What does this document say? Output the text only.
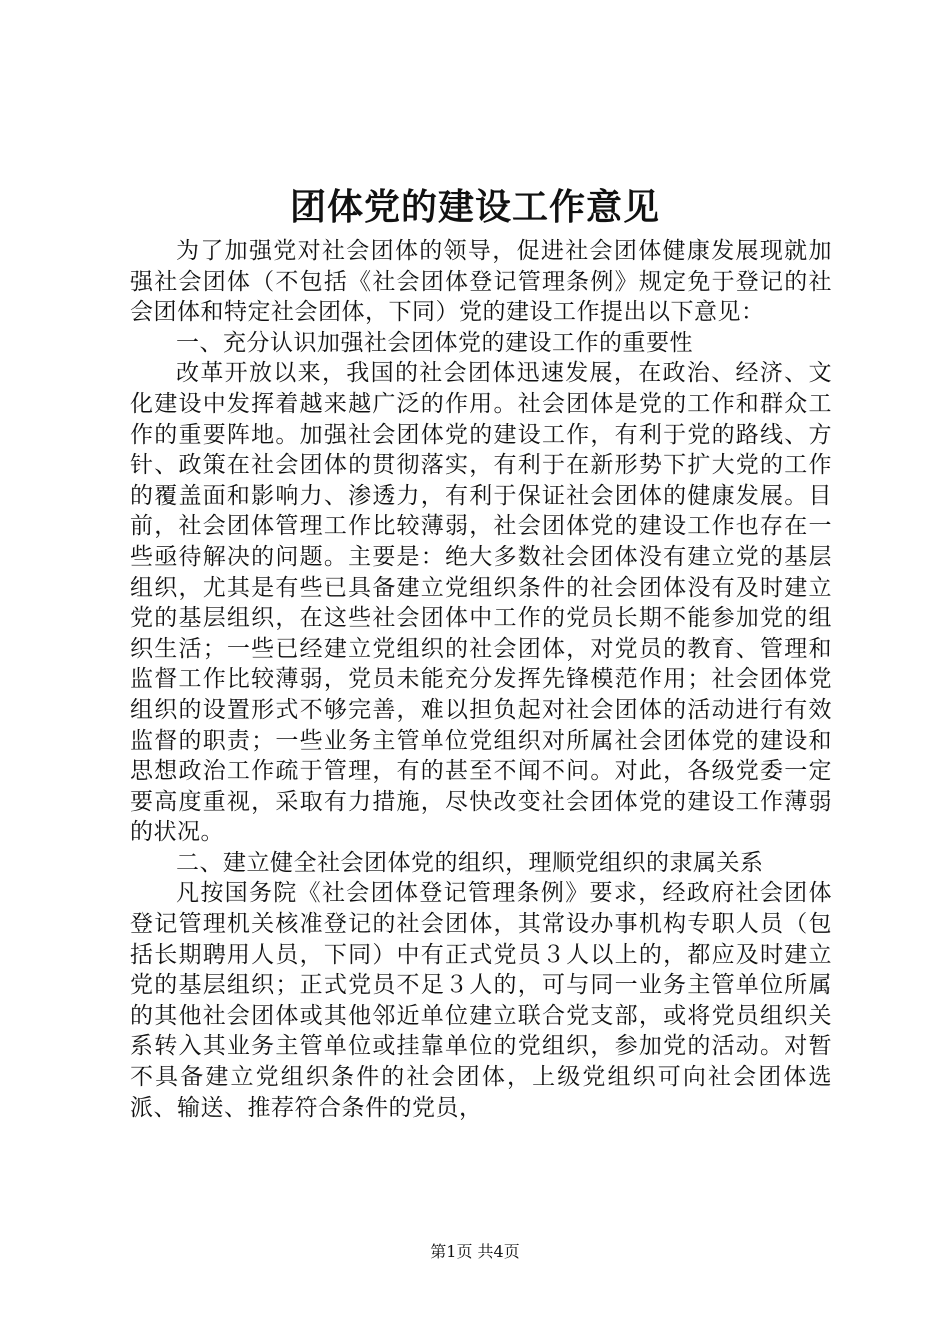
团体党的建设工作意见

为了加强党对社会团体的领导，促进社会团体健康发展现就加强社会团体（不包括《社会团体登记管理条例》规定免于登记的社会团体和特定社会团体，下同）党的建设工作提出以下意见：

一、充分认识加强社会团体党的建设工作的重要性

改革开放以来，我国的社会团体迅速发展，在政治、经济、文化建设中发挥着越来越广泛的作用。社会团体是党的工作和群众工作的重要阵地。加强社会团体党的建设工作，有利于党的路线、方针、政策在社会团体的贯彻落实，有利于在新形势下扩大党的工作的覆盖面和影响力、渗透力，有利于保证社会团体的健康发展。目前，社会团体管理工作比较薄弱，社会团体党的建设工作也存在一些亟待解决的问题。主要是：绝大多数社会团体没有建立党的基层组织，尤其是有些已具备建立党组织条件的社会团体没有及时建立党的基层组织，在这些社会团体中工作的党员长期不能参加党的组织生活；一些已经建立党组织的社会团体，对党员的教育、管理和监督工作比较薄弱，党员未能充分发挥先锋模范作用；社会团体党组织的设置形式不够完善，难以担负起对社会团体的活动进行有效监督的职责；一些业务主管单位党组织对所属社会团体党的建设和思想政治工作疏于管理，有的甚至不闻不问。对此，各级党委一定要高度重视，采取有力措施，尽快改变社会团体党的建设工作薄弱的状况。

二、建立健全社会团体党的组织，理顺党组织的隶属关系

凡按国务院《社会团体登记管理条例》要求，经政府社会团体登记管理机关核准登记的社会团体，其常设办事机构专职人员（包括长期聘用人员，下同）中有正式党员３人以上的，都应及时建立党的基层组织；正式党员不足３人的，可与同一业务主管单位所属的其他社会团体或其他邻近单位建立联合党支部，或将党员组织关系转入其业务主管单位或挂靠单位的党组织，参加党的活动。对暂不具备建立党组织条件的社会团体，上级党组织可向社会团体选派、输送、推荐符合条件的党员，

第1页 共4页
